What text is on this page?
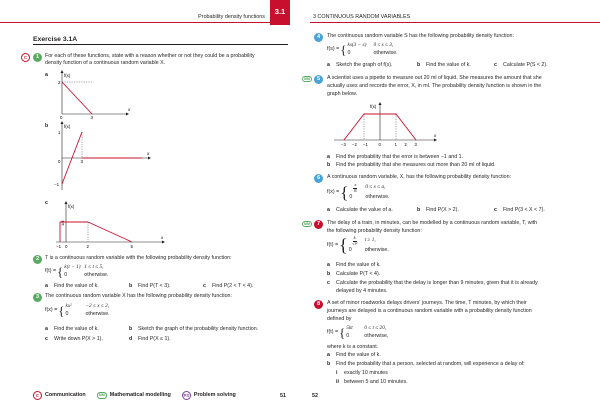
Probability density functions
3.1
3 CONTINUOUS RANDOM VARIABLES
Exercise 3.1A
C	1	For each of these functions, state with a reason whether or not they could be a probability
density function of a continuous random variable X.
a	f(x)
2
0	3
x
b	f(x)
1
−1
0	3
x
c
f(x)
1/4
−1 0	2	5
x
2	T is a continuous random variable with the following probability density function:
f(t) = { k(t − 1) 1 ≤ t ≤ 5,
0	otherwise.
a Find the value of k.	b Find P(T < 3).	c Find P(2 < T < 4).
3	The continuous random variable X has the following probability density function:
f(x) = { kx²	−2 ≤ x ≤ 2,
0	otherwise.
a Find the value of k.	b Sketch the graph of the probability density function.
c Write down P(X > 1).	d Find P(X ≤ 1).
C	Communication	MM Mathematical modelling	PS Problem solving	51	52
4	The continuous random variable S has the following probability density function:
f(s) = { ks(3 − s) 0 ≤ s ≤ 3,
0	otherwise.
a Sketch the graph of f(s).	b Find the value of k.	c Calculate P(S < 2).
MM	5	A scientist uses a pipette to measure out 20 ml of liquid. She measures the amount that she
actually uses and records the error, X, in ml. The probability density function is shown in the
graph below.
f(x)
−3 −2 −1	0	1 2 3
x
a Find the probability that the error is between −1 and 1.
b Find the probability that she measures out more than 20 ml of liquid.
6	A continuous random variable, X, has the following probability density function:
f(x) = { $\frac{x}{8} 0 \le x \le a$,
0 otherwise.
a Calculate the value of a.	b Find P(X > 2).	c Find P(3 < X < 7).
MM	7	The delay of a train, in minutes, can be modelled by a continuous random variable, T, with
the following probability density function:
f(t) = { $\frac{k}{\text{√t³}}$ t ≥ 1,
0 otherwise.
a Find the value of k.
b Calculate P(T < 4).
c Calculate the probability that the delay is longer than 9 minutes, given that it is already
delayed by 4 minutes.
8	A set of minor roadworks delays drivers' journeys. The time, T minutes, by which their
journeys are delayed is a continuous random variable with a probability density function
defined by
f(t) = { 5kt 0 ≤ t ≤ 20,
0	otherwise,
where k is a constant.
a Find the value of k.
b Find the probability that a person, selected at random, will experience a delay of:
i exactly 10 minutes
ii between 5 and 10 minutes.
